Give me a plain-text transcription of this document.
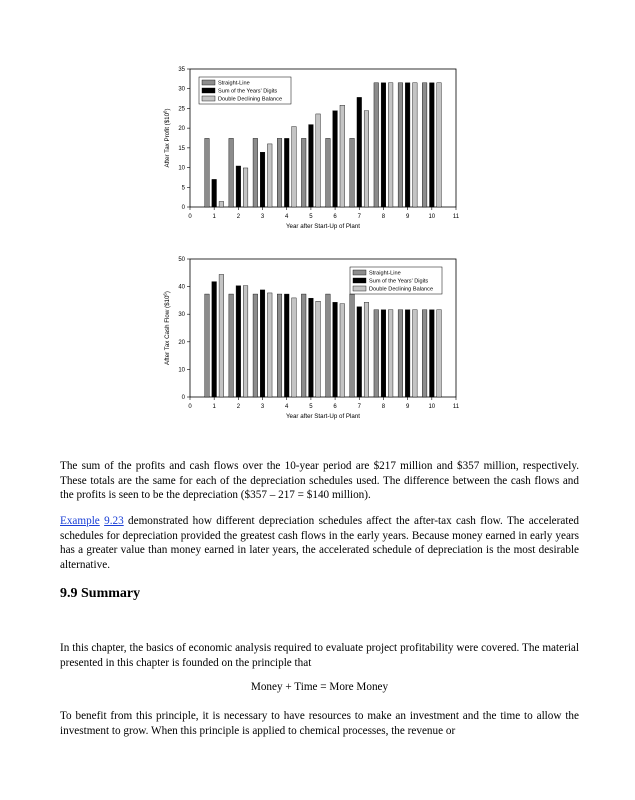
0	1	2	3	4	5	6	7	8	9	10	11
0
5
10
15
20
25
30
35
Year after Start-Up of Plant
After Tax Profit $(\$10^6)$
Straight-Line
Sum of the Years' Digits
Double Declining Balance
0	1	2	3	4	5	6	7	8	9	10	11
0
10
20
30
40
50
Year after Start-Up of Plant
After Tax Cash Flow $(\$10^6)$
Straight-Line
Sum of the Years' Digits
Double Declining Balance

The sum of the profits and cash flows over the 10-year period are $217 million and $357 million, respectively. These totals are the same for each of the depreciation schedules used. The difference between the cash flows and the profits is seen to be the depreciation ($357 – 217 = $140 million).

Example 9.23 demonstrated how different depreciation schedules affect the after-tax cash flow. The accelerated schedules for depreciation provided the greatest cash flows in the early years. Because money earned in early years has a greater value than money earned in later years, the accelerated schedule of depreciation is the most desirable alternative.

9.9 Summary

In this chapter, the basics of economic analysis required to evaluate project profitability were covered. The material presented in this chapter is founded on the principle that

Money + Time = More Money

To benefit from this principle, it is necessary to have resources to make an investment and the time to allow the investment to grow. When this principle is applied to chemical processes, the revenue or
